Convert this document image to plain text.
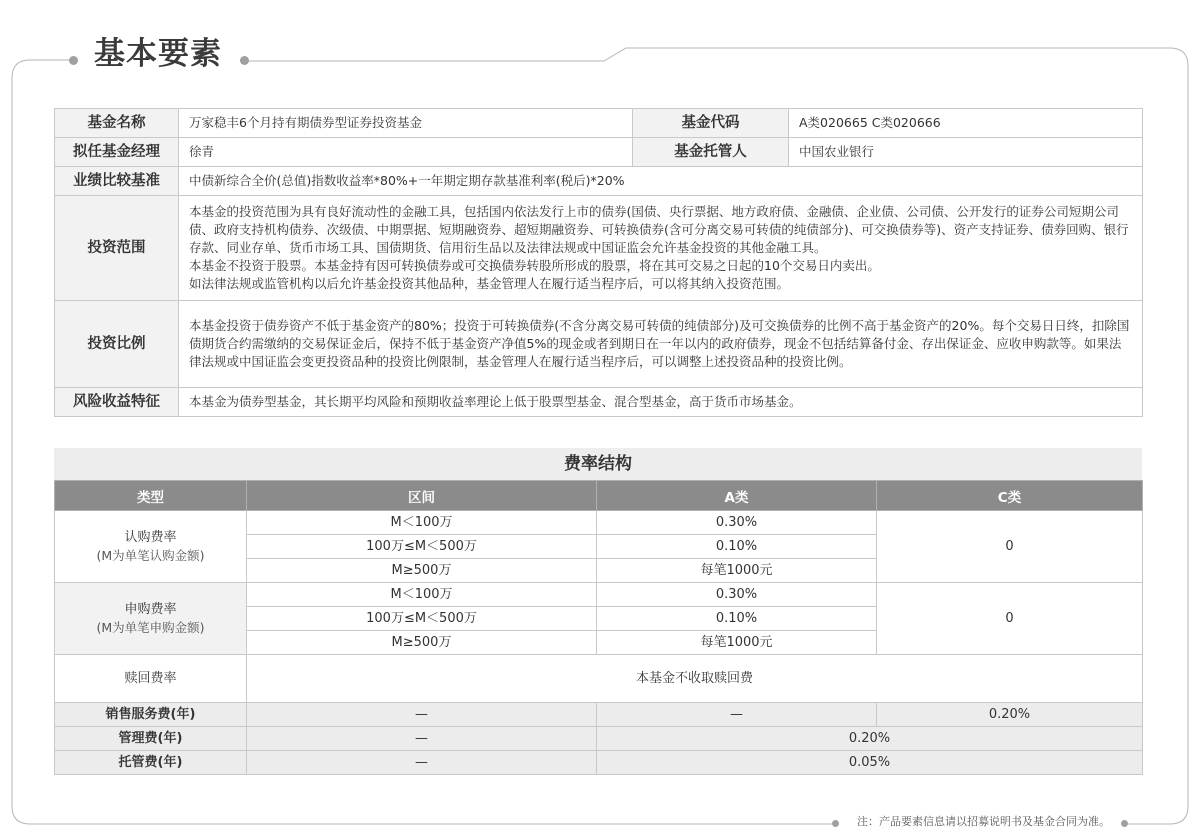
基本要素
基金名称	万家稳丰6个月持有期债券型证券投资基金	基金代码	A类020665 C类020666
拟任基金经理	徐青	基金托管人	中国农业银行
业绩比较基准	中债新综合全价(总值)指数收益率*80%+一年期定期存款基准利率(税后)*20%		
投资范围	本基金的投资范围为具有良好流动性的金融工具，包括国内依法发行上市的债券(国债、央行票据、地方政府债、金融债、企业债、公司债、公开发行的证券公司短期公司债、政府支持机构债券、次级债、中期票据、短期融资券、超短期融资券、可转换债券(含可分离交易可转债的纯债部分)、可交换债券等)、资产支持证券、债券回购、银行存款、同业存单、货币市场工具、国债期货、信用衍生品以及法律法规或中国证监会允许基金投资的其他金融工具。
本基金不投资于股票。本基金持有因可转换债券或可交换债券转股所形成的股票，将在其可交易之日起的10个交易日内卖出。
如法律法规或监管机构以后允许基金投资其他品种，基金管理人在履行适当程序后，可以将其纳入投资范围。		

投资比例	本基金投资于债券资产不低于基金资产的80%；投资于可转换债券(不含分离交易可转债的纯债部分)及可交换债券的比例不高于基金资产的20%。每个交易日日终，扣除国债期货合约需缴纳的交易保证金后，保持不低于基金资产净值5%的现金或者到期日在一年以内的政府债券，现金不包括结算备付金、存出保证金、应收申购款等。如果法律法规或中国证监会变更投资品种的投资比例限制，基金管理人在履行适当程序后，可以调整上述投资品种的投资比例。		
风险收益特征	本基金为债券型基金，其长期平均风险和预期收益率理论上低于股票型基金、混合型基金，高于货币市场基金。		
费率结构
类型	区间	A类	C类
认购费率
(M为单笔认购金额)	M＜100万	0.30%	0
	100万≤M＜500万	0.10%	
	M≥500万	每笔1000元	
申购费率
(M为单笔申购金额)	M＜100万	0.30%	0
	100万≤M＜500万	0.10%	
	M≥500万	每笔1000元	
赎回费率	本基金不收取赎回费		
销售服务费(年)	—	—	0.20%
管理费(年)	—	0.20%	
托管费(年)	—	0.05%	
注：产品要素信息请以招募说明书及基金合同为准。
